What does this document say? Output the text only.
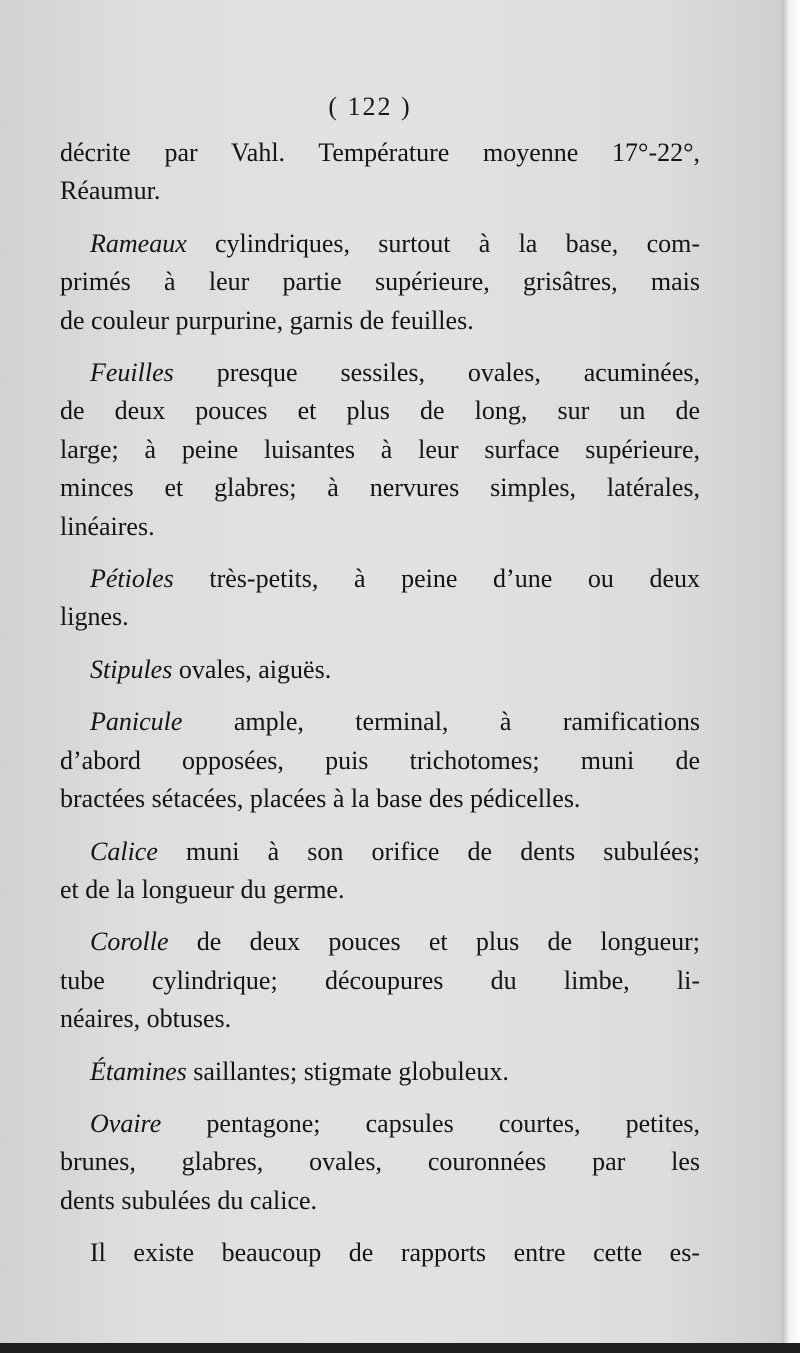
( 122 )
décrite par Vahl. Température moyenne 17°-22°,
Réaumur.
Rameaux cylindriques, surtout à la base, com-
primés à leur partie supérieure, grisâtres, mais
de couleur purpurine, garnis de feuilles.
Feuilles presque sessiles, ovales, acuminées,
de deux pouces et plus de long, sur un de
large; à peine luisantes à leur surface supérieure,
minces et glabres; à nervures simples, latérales,
linéaires.
Pétioles très-petits, à peine d’une ou deux
lignes.
Stipules ovales, aiguës.
Panicule ample, terminal, à ramifications
d’abord opposées, puis trichotomes; muni de
bractées sétacées, placées à la base des pédicelles.
Calice muni à son orifice de dents subulées;
et de la longueur du germe.
Corolle de deux pouces et plus de longueur;
tube cylindrique; découpures du limbe, li-
néaires, obtuses.
Étamines saillantes; stigmate globuleux.
Ovaire pentagone; capsules courtes, petites,
brunes, glabres, ovales, couronnées par les
dents subulées du calice.
Il existe beaucoup de rapports entre cette es-
